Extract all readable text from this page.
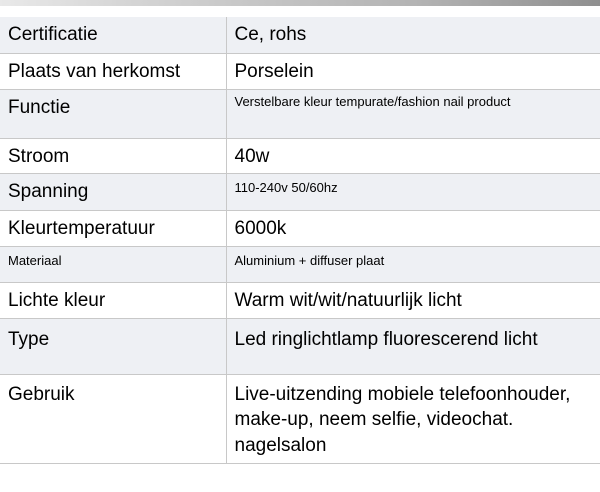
Certificatie	Ce, rohs
Plaats van herkomst	Porselein
Functie	Verstelbare kleur tempurate/fashion nail product
Stroom	40w
Spanning	110-240v 50/60hz
Kleurtemperatuur	6000k
Materiaal	Aluminium + diffuser plaat
Lichte kleur	Warm wit/wit/natuurlijk licht
Type	Led ringlichtlamp fluorescerend licht
Gebruik	Live-uitzending mobiele telefoonhouder, make-up, neem selfie, videochat. nagelsalon
